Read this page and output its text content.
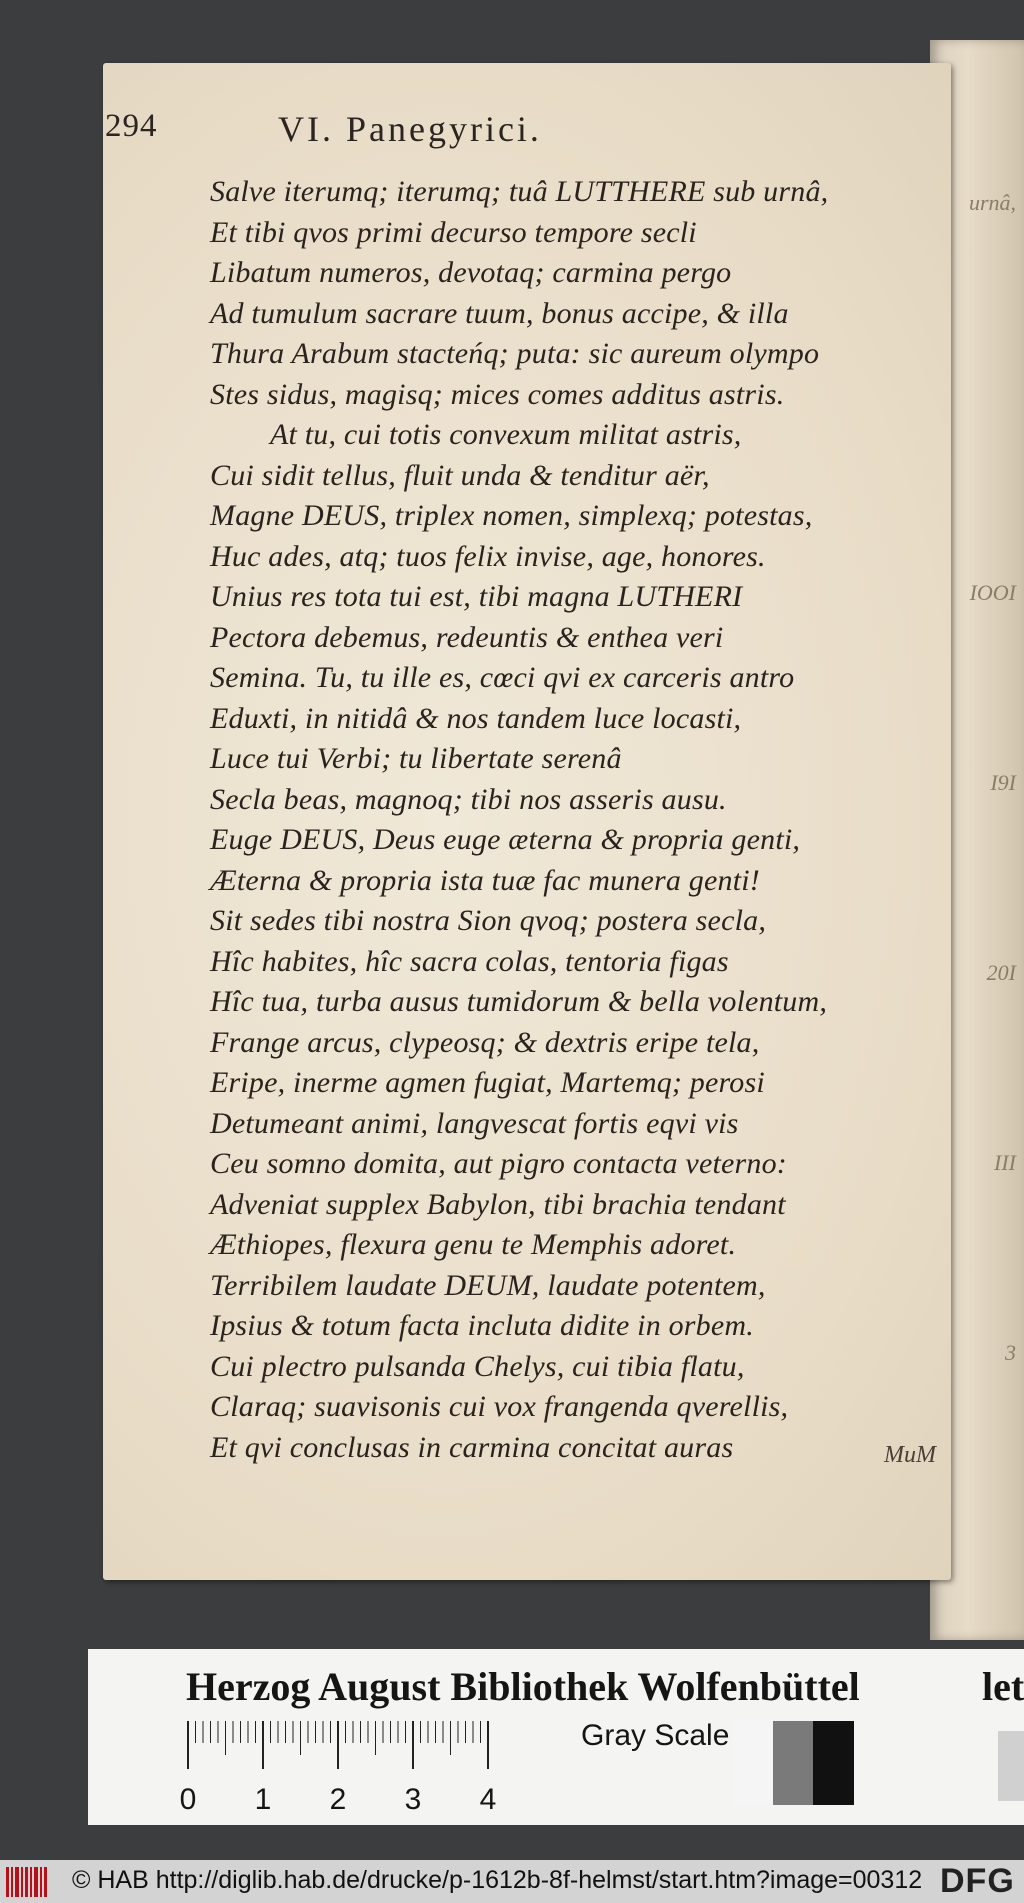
urnâ,
IOOI
I9I
20I
III
3
294	VI. Panegyrici.
Salve iterumq; iterumq; tuâ LUTTHERE sub urnâ,
Et tibi qvos primi decurso tempore secli
Libatum numeros, devotaq; carmina pergo
Ad tumulum sacrare tuum, bonus accipe, & illa
Thura Arabum stacteńq; puta: sic aureum olympo
Stes sidus, magisq; mices comes additus astris.
At tu, cui totis convexum militat astris,
Cui sidit tellus, fluit unda & tenditur aër,
Magne DEUS, triplex nomen, simplexq; potestas,
Huc ades, atq; tuos felix invise, age, honores.
Unius res tota tui est, tibi magna LUTHERI
Pectora debemus, redeuntis & enthea veri
Semina. Tu, tu ille es, cœci qvi ex carceris antro
Eduxti, in nitidâ & nos tandem luce locasti,
Luce tui Verbi; tu libertate serenâ
Secla beas, magnoq; tibi nos asseris ausu.
Euge DEUS, Deus euge æterna & propria genti,
Æterna & propria ista tuæ fac munera genti!
Sit sedes tibi nostra Sion qvoq; postera secla,
Hîc habites, hîc sacra colas, tentoria figas
Hîc tua, turba ausus tumidorum & bella volentum,
Frange arcus, clypeosq; & dextris eripe tela,
Eripe, inerme agmen fugiat, Martemq; perosi
Detumeant animi, langvescat fortis eqvi vis
Ceu somno domita, aut pigro contacta veterno:
Adveniat supplex Babylon, tibi brachia tendant
Æthiopes, flexura genu te Memphis adoret.
Terribilem laudate DEUM, laudate potentem,
Ipsius & totum facta incluta didite in orbem.
Cui plectro pulsanda Chelys, cui tibia flatu,
Claraq; suavisonis cui vox frangenda qverellis,
Et qvi conclusas in carmina concitat auras	MuM
Herzog August Bibliothek Wolfenbüttel	let
0 1 2 3 4
Gray Scale
© HAB http://diglib.hab.de/drucke/p-1612b-8f-helmst/start.htm?image=00312 DFG
